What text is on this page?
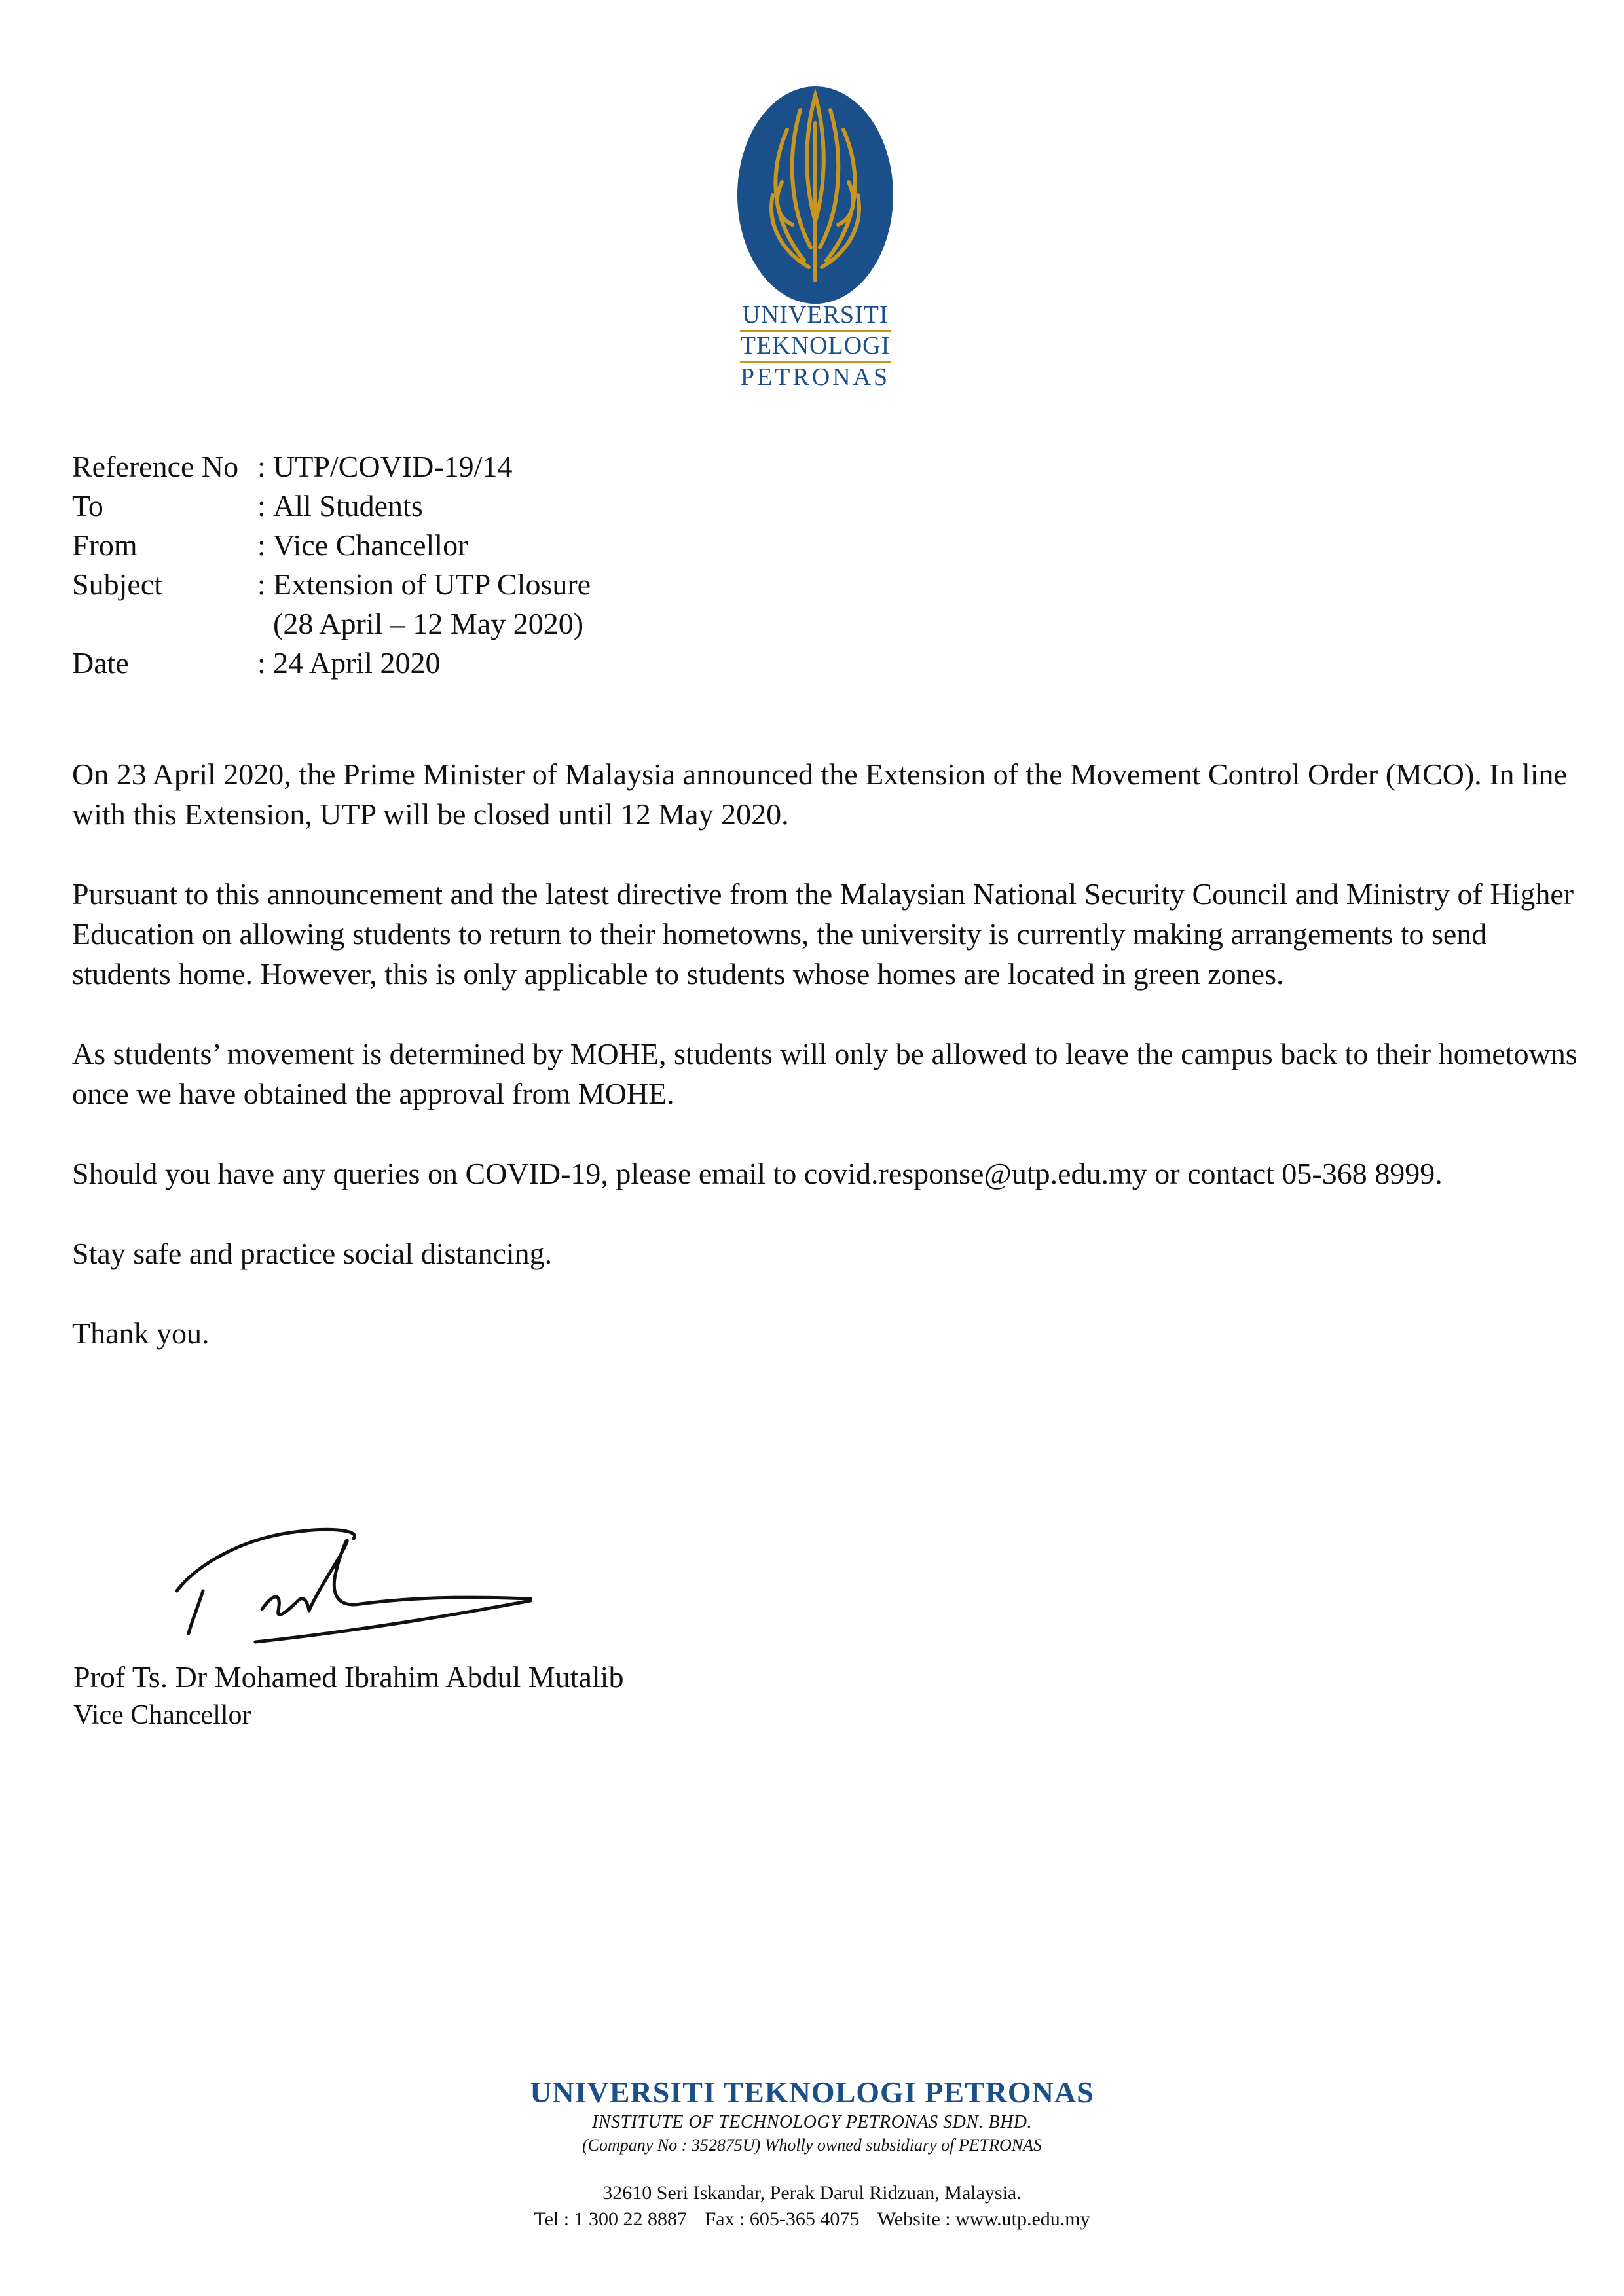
UNIVERSITI
TEKNOLOGI
PETRONAS
Reference No : UTP/COVID-19/14
To	: All Students
From	: Vice Chancellor
Subject	: Extension of UTP Closure
(28 April – 12 May 2020)
Date	: 24 April 2020

On 23 April 2020, the Prime Minister of Malaysia announced the Extension of the Movement Control Order (MCO). In line with this Extension, UTP will be closed until 12 May 2020.

Pursuant to this announcement and the latest directive from the Malaysian National Security Council and Ministry of Higher Education on allowing students to return to their hometowns, the university is currently making arrangements to send students home. However, this is only applicable to students whose homes are located in green zones.

As students’ movement is determined by MOHE, students will only be allowed to leave the campus back to their hometowns once we have obtained the approval from MOHE.

Should you have any queries on COVID-19, please email to covid.response@utp.edu.my or contact 05-368 8999.

Stay safe and practice social distancing.

Thank you.

Prof Ts. Dr Mohamed Ibrahim Abdul Mutalib
Vice Chancellor
UNIVERSITI TEKNOLOGI PETRONAS
INSTITUTE OF TECHNOLOGY PETRONAS SDN. BHD.
(Company No : 352875U) Wholly owned subsidiary of PETRONAS
32610 Seri Iskandar, Perak Darul Ridzuan, Malaysia.
Tel : 1 300 22 8887 Fax : 605-365 4075 Website : www.utp.edu.my
